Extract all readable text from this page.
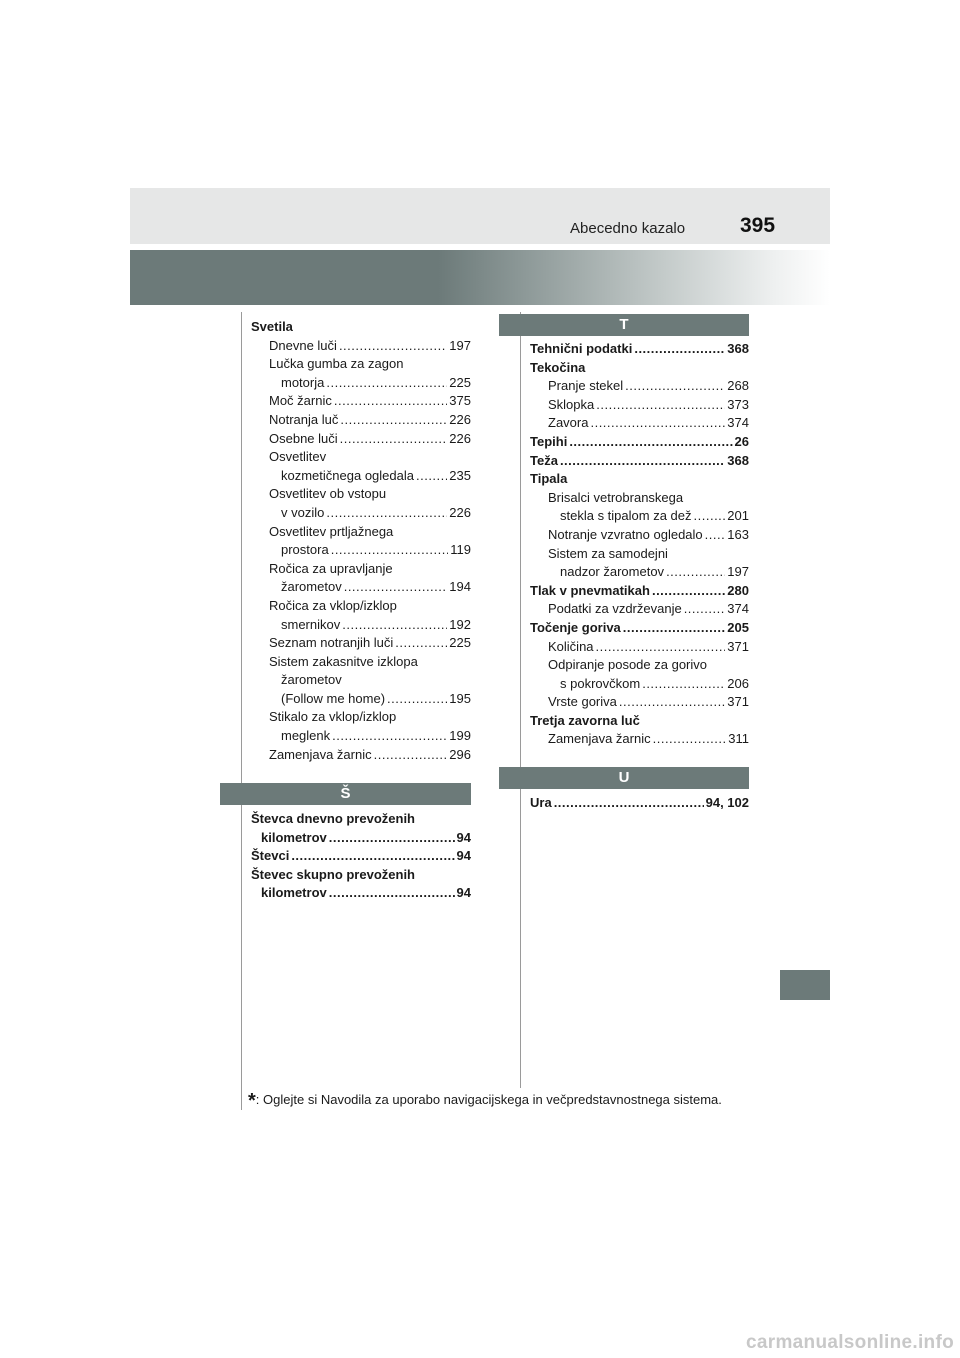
Abecedno kazalo	395
T
Š
U
Svetila
Dnevne luči .....	197
Lučka gumba za zagon
motorja .....	225
Moč žarnic .....	375
Notranja luč .....	226
Osebne luči .....	226
Osvetlitev
kozmetičnega ogledala .....	235
Osvetlitev ob vstopu
v vozilo .....	226
Osvetlitev prtljažnega
prostora .....	119
Ročica za upravljanje
žarometov .....	194
Ročica za vklop/izklop
smernikov .....	192
Seznam notranjih luči .....	225
Sistem zakasnitve izklopa
žarometov
(Follow me home) .....	195
Stikalo za vklop/izklop
meglenk .....	199
Zamenjava žarnic .....	296
Števca dnevno prevoženih
kilometrov .....	94
Števci .....	94
Števec skupno prevoženih
kilometrov .....	94
Tehnični podatki .....	368
Tekočina
Pranje stekel .....	268
Sklopka .....	373
Zavora .....	374
Tepihi .....	26
Teža .....	368
Tipala
Brisalci vetrobranskega
stekla s tipalom za dež .....	201
Notranje vzvratno ogledalo ..... 163
Sistem za samodejni
nadzor žarometov .....	197
Tlak v pnevmatikah .....	280
Podatki za vzdrževanje .....	374
Točenje goriva .....	205
Količina .....	371
Odpiranje posode za gorivo
s pokrovčkom .....	206
Vrste goriva .....	371
Tretja zavorna luč
Zamenjava žarnic .....	311
Ura .....	94, 102
*: Oglejte si Navodila za uporabo navigacijskega in večpredstavnostnega sistema.
carmanualsonline.info
